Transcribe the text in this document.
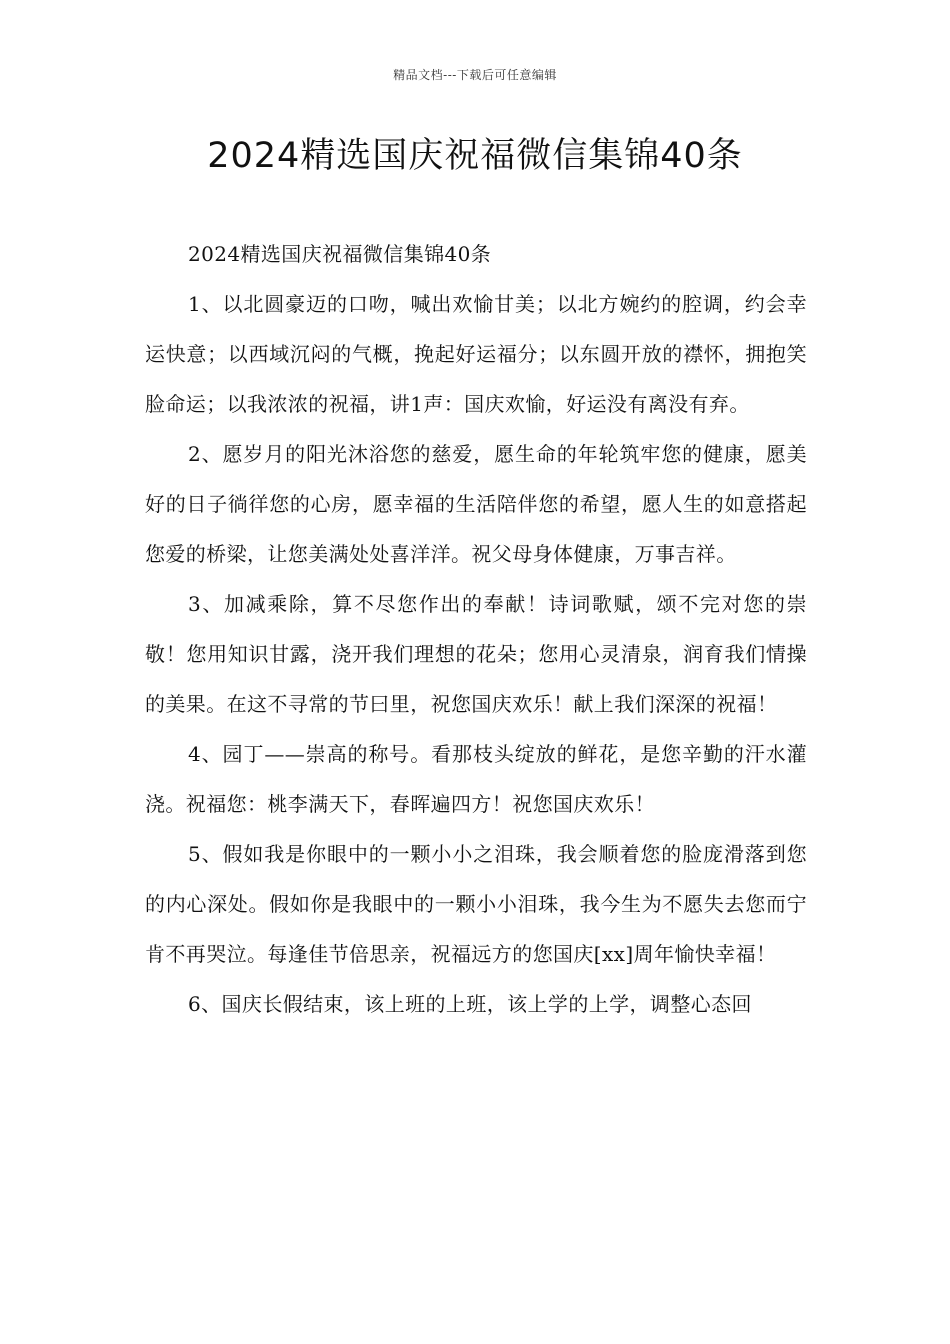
精品文档---下载后可任意编辑
2024精选国庆祝福微信集锦40条

2024精选国庆祝福微信集锦40条

1、以北圆豪迈的口吻，喊出欢愉甘美；以北方婉约的腔调，约会幸运快意；以西域沉闷的气概，挽起好运福分；以东圆开放的襟怀，拥抱笑脸命运；以我浓浓的祝福，讲1声：国庆欢愉，好运没有离没有弃。

2、愿岁月的阳光沐浴您的慈爱，愿生命的年轮筑牢您的健康，愿美好的日子徜徉您的心房，愿幸福的生活陪伴您的希望，愿人生的如意搭起您爱的桥梁，让您美满处处喜洋洋。祝父母身体健康，万事吉祥。

3、加减乘除，算不尽您作出的奉献！诗词歌赋，颂不完对您的崇敬！您用知识甘露，浇开我们理想的花朵；您用心灵清泉，润育我们情操的美果。在这不寻常的节曰里，祝您国庆欢乐！献上我们深深的祝福！

4、园丁——崇高的称号。看那枝头绽放的鲜花，是您辛勤的汗水灌浇。祝福您：桃李满天下，春晖遍四方！祝您国庆欢乐！

5、假如我是你眼中的一颗小小之泪珠，我会顺着您的脸庞滑落到您的内心深处。假如你是我眼中的一颗小小泪珠，我今生为不愿失去您而宁肯不再哭泣。每逢佳节倍思亲，祝福远方的您国庆[xx]周年愉快幸福！

6、国庆长假结束，该上班的上班，该上学的上学，调整心态回
